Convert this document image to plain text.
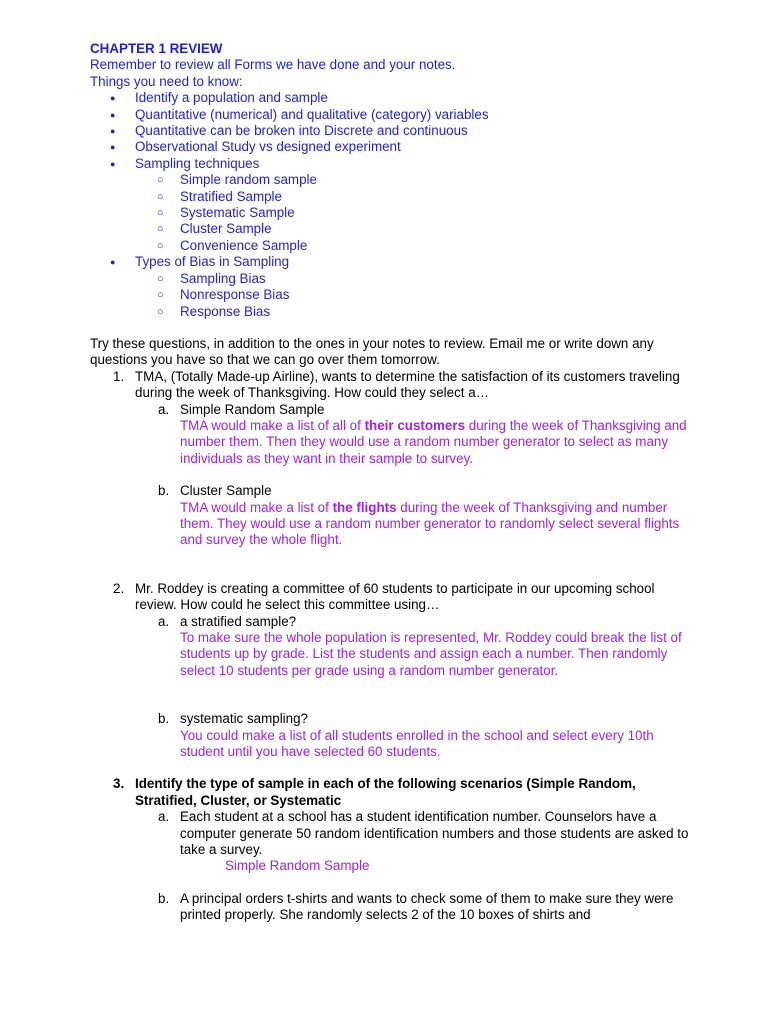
CHAPTER 1 REVIEW
Remember to review all Forms we have done and your notes.
Things you need to know:
● Identify a population and sample
● Quantitative (numerical) and qualitative (category) variables
● Quantitative can be broken into Discrete and continuous
● Observational Study vs designed experiment
● Sampling techniques
○ Simple random sample
○ Stratified Sample
○ Systematic Sample
○ Cluster Sample
○ Convenience Sample
● Types of Bias in Sampling
○ Sampling Bias
○ Nonresponse Bias
○ Response Bias
Try these questions, in addition to the ones in your notes to review. Email me or write down any questions you have so that we can go over them tomorrow.
1. TMA, (Totally Made-up Airline), wants to determine the satisfaction of its customers traveling during the week of Thanksgiving. How could they select a…
a. Simple Random Sample
TMA would make a list of all of their customers during the week of Thanksgiving and number them. Then they would use a random number generator to select as many individuals as they want in their sample to survey.
b. Cluster Sample
TMA would make a list of the flights during the week of Thanksgiving and number them. They would use a random number generator to randomly select several flights and survey the whole flight.
2. Mr. Roddey is creating a committee of 60 students to participate in our upcoming school review. How could he select this committee using…
a. a stratified sample?
To make sure the whole population is represented, Mr. Roddey could break the list of students up by grade. List the students and assign each a number. Then randomly select 10 students per grade using a random number generator.
b. systematic sampling?
You could make a list of all students enrolled in the school and select every 10th student until you have selected 60 students.
3. Identify the type of sample in each of the following scenarios (Simple Random, Stratified, Cluster, or Systematic
a. Each student at a school has a student identification number. Counselors have a computer generate 50 random identification numbers and those students are asked to take a survey.
Simple Random Sample
b. A principal orders t-shirts and wants to check some of them to make sure they were printed properly. She randomly selects 2 of the 10 boxes of shirts and
